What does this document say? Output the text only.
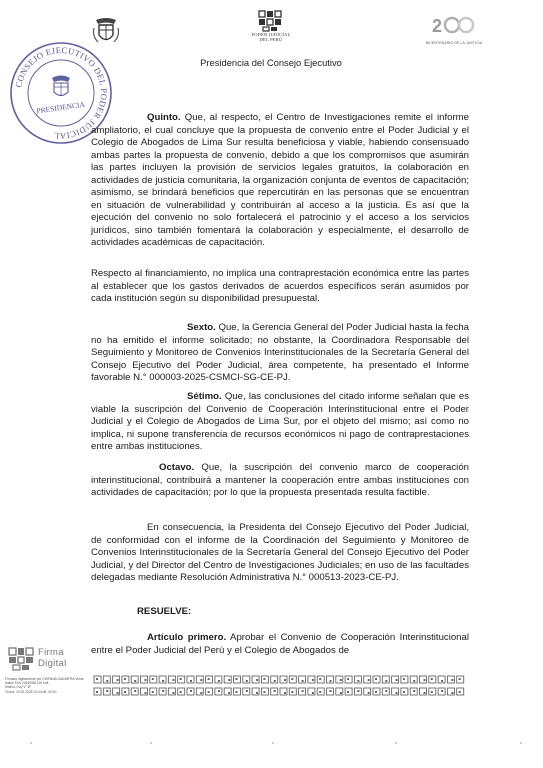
PODER JUDICIAL
DEL PERÚ
2
BICENTENARIO DE LA JUSTICIA
Presidencia del Consejo Ejecutivo
CONSEJO EJECUTIVO DEL PODER JUDICIAL
PRESIDENCIA

Quinto. Que, al respecto, el Centro de Investigaciones remite el informe ampliatorio, el cual concluye que la propuesta de convenio entre el Poder Judicial y el Colegio de Abogados de Lima Sur resulta beneficiosa y viable, habiendo consensuado ambas partes la propuesta de convenio, debido a que los compromisos que asumirán las partes incluyen la provisión de servicios legales gratuitos, la colaboración en actividades de justicia comunitaria, la organización conjunta de eventos de capacitación; asimismo, se brindará beneficios que repercutirán en las personas que se encuentran en situación de vulnerabilidad y contribuirán al acceso a la justicia. Es así que la ejecución del convenio no solo fortalecerá el patrocinio y el acceso a los servicios jurídicos, sino también fomentará la colaboración y especialmente, el desarrollo de actividades académicas de capacitación.

Respecto al financiamiento, no implica una contraprestación económica entre las partes al establecer que los gastos derivados de acuerdos específicos serán asumidos por cada institución según su disponibilidad presupuestal.

Sexto. Que, la Gerencia General del Poder Judicial hasta la fecha no ha emitido el informe solicitado; no obstante, la Coordinadora Responsable del Seguimiento y Monitoreo de Convenios Interinstitucionales de la Secretaría General del Consejo Ejecutivo del Poder Judicial, área competente, ha presentado el Informe favorable N.° 000003-2025-CSMCI-SG-CE-PJ.

Sétimo. Que, las conclusiones del citado informe señalan que es viable la suscripción del Convenio de Cooperación Interinstitucional entre el Poder Judicial y el Colegio de Abogados de Lima Sur, por el objeto del mismo; así como no implica, ni supone transferencia de recursos económicos ni pago de contraprestaciones entre ambas instituciones.

Octavo. Que, la suscripción del convenio marco de cooperación interinstitucional, contribuirá a mantener la cooperación entre ambas instituciones con actividades de capacitación; por lo que la propuesta presentada resulta factible.

En consecuencia, la Presidenta del Consejo Ejecutivo del Poder Judicial, de conformidad con el informe de la Coordinación del Seguimiento y Monitoreo de Convenios Interinstitucionales de la Secretaría General del Consejo Ejecutivo del Poder Judicial, y del Director del Centro de Investigaciones Judiciales; en uso de las facultades delegadas mediante Resolución Administrativa N.° 000513-2023-CE-PJ.

RESUELVE:

Artículo primero. Aprobar el Convenio de Cooperación Interinstitucional entre el Poder Judicial del Perú y el Colegio de Abogados de

Firma
Digital
Firmado digitalmente por CHIPANA GIANNFRA Vilma Isabel FAU 20159981216 soft
Motivo: Doy V° B°
Fecha: 10.02.2025 12:44:06 -05:00
